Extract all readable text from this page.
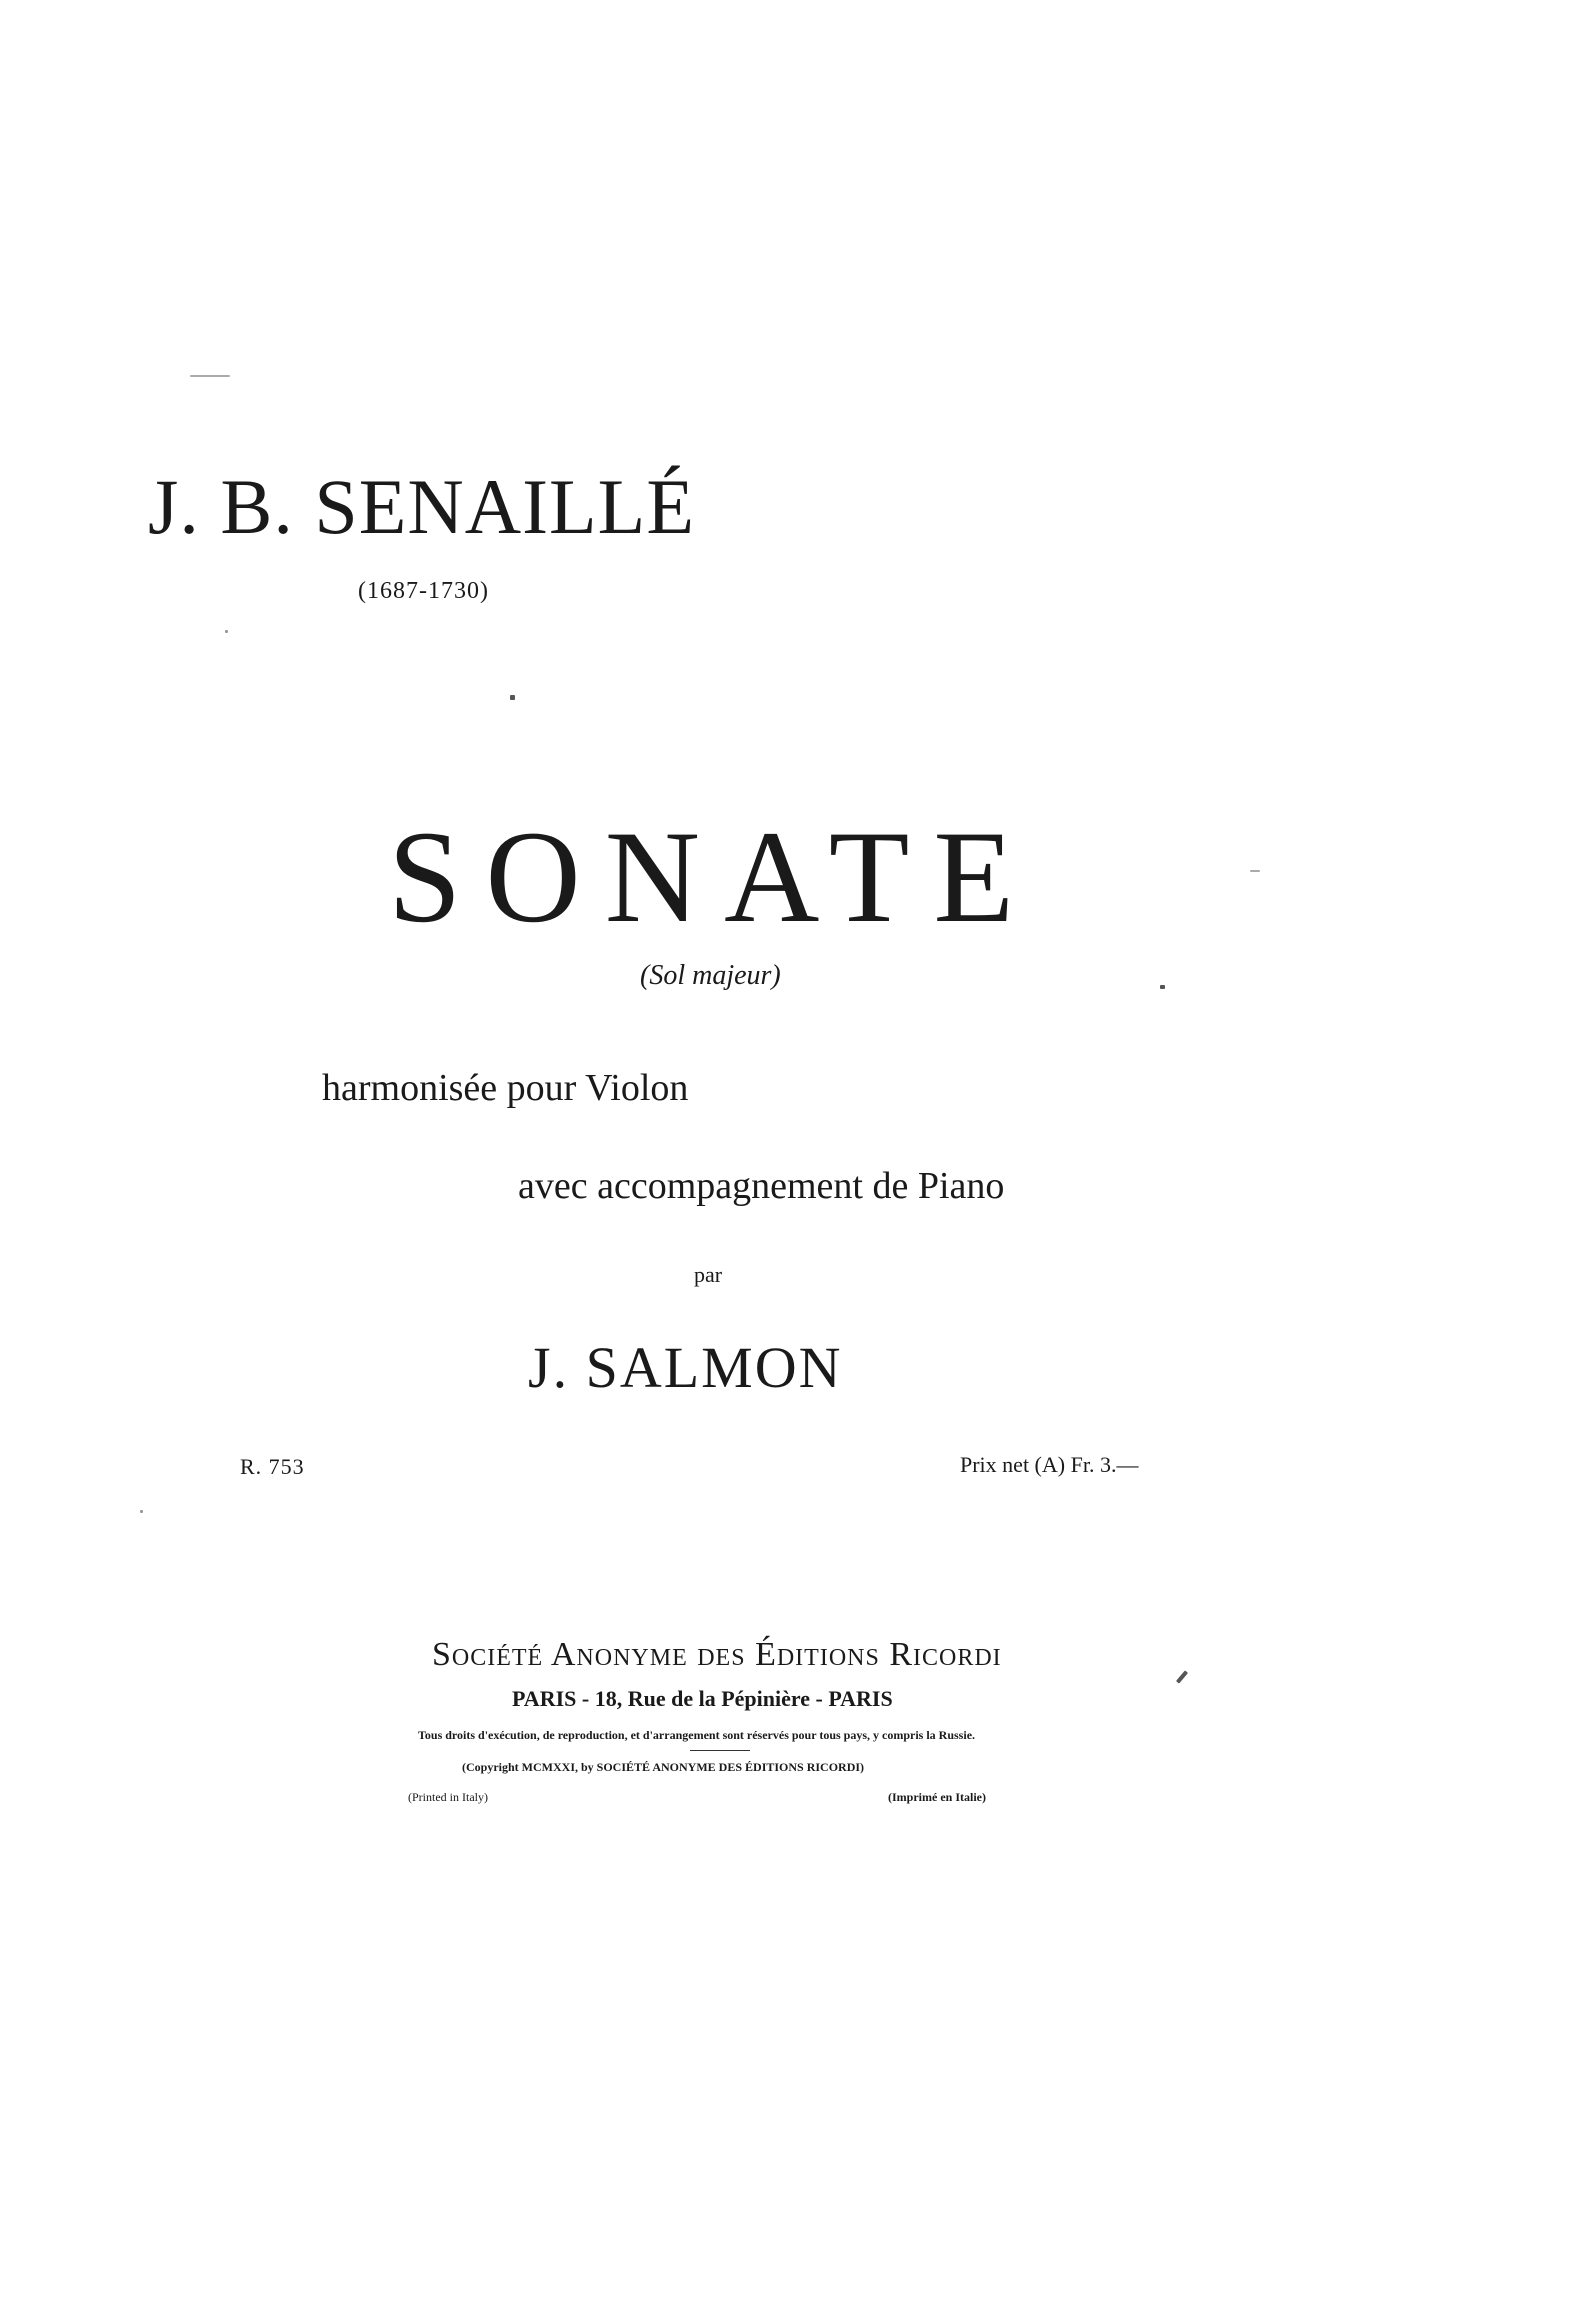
J. B. SENAILLÉ
(1687-1730)
SONATE
(Sol majeur)
harmonisée pour Violon
avec accompagnement de Piano
par
J. SALMON
R. 753	Prix net (A) Fr. 3.—
Société Anonyme des Éditions Ricordi
PARIS - 18, Rue de la Pépinière - PARIS
Tous droits d'exécution, de reproduction, et d'arrangement sont réservés pour tous pays, y compris la Russie.
(Copyright MCMXXI, by SOCIÉTÉ ANONYME DES ÉDITIONS RICORDI)
(Printed in Italy)	(Imprimé en Italie)
